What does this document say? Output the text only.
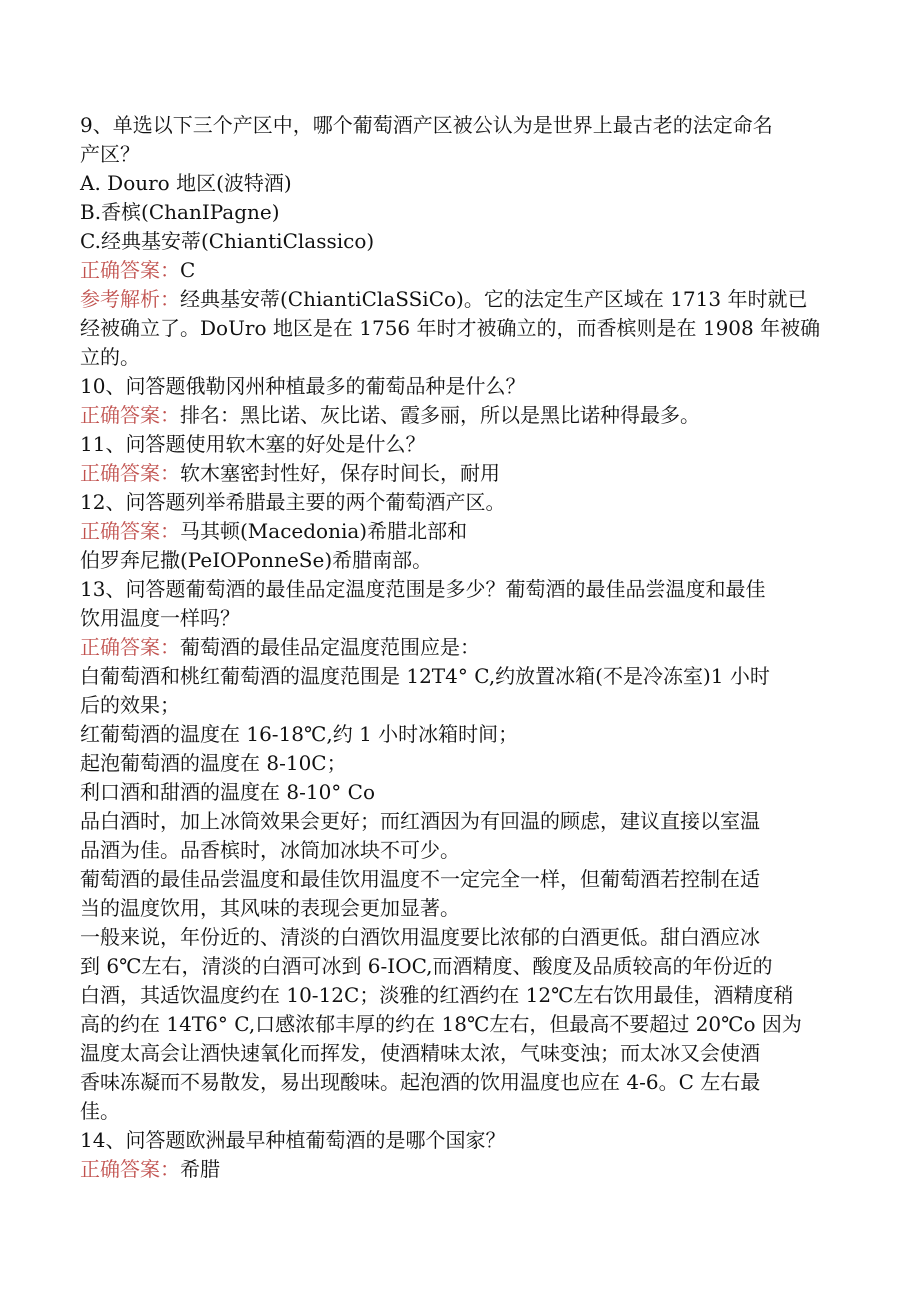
9、单选以下三个产区中，哪个葡萄酒产区被公认为是世界上最古老的法定命名
产区？
A. Douro 地区(波特酒)
B.香槟(ChanIPagne)
C.经典基安蒂(ChiantiClassico)
正确答案：C
参考解析：经典基安蒂(ChiantiClaSSiCo)。它的法定生产区域在 1713 年时就已
经被确立了。DoUro 地区是在 1756 年时才被确立的，而香槟则是在 1908 年被确
立的。
10、问答题俄勒冈州种植最多的葡萄品种是什么？
正确答案：排名：黑比诺、灰比诺、霞多丽，所以是黑比诺种得最多。
11、问答题使用软木塞的好处是什么？
正确答案：软木塞密封性好，保存时间长，耐用
12、问答题列举希腊最主要的两个葡萄酒产区。
正确答案：马其顿(Macedonia)希腊北部和
伯罗奔尼撒(PeIOPonneSe)希腊南部。
13、问答题葡萄酒的最佳品定温度范围是多少？葡萄酒的最佳品尝温度和最佳
饮用温度一样吗？
正确答案：葡萄酒的最佳品定温度范围应是：
白葡萄酒和桃红葡萄酒的温度范围是 12T4° C,约放置冰箱(不是冷冻室)1 小时
后的效果；
红葡萄酒的温度在 16-18℃,约 1 小时冰箱时间；
起泡葡萄酒的温度在 8-10C；
利口酒和甜酒的温度在 8-10° Co
品白酒时，加上冰筒效果会更好；而红酒因为有回温的顾虑，建议直接以室温
品酒为佳。品香槟时，冰筒加冰块不可少。
葡萄酒的最佳品尝温度和最佳饮用温度不一定完全一样，但葡萄酒若控制在适
当的温度饮用，其风味的表现会更加显著。
一般来说，年份近的、清淡的白酒饮用温度要比浓郁的白酒更低。甜白酒应冰
到 6℃左右，清淡的白酒可冰到 6-IOC,而酒精度、酸度及品质较高的年份近的
白酒，其适饮温度约在 10-12C；淡雅的红酒约在 12℃左右饮用最佳，酒精度稍
高的约在 14T6° C,口感浓郁丰厚的约在 18℃左右，但最高不要超过 20℃o 因为
温度太高会让酒快速氧化而挥发，使酒精味太浓，气味变浊；而太冰又会使酒
香味冻凝而不易散发，易出现酸味。起泡酒的饮用温度也应在 4-6。C 左右最
佳。
14、问答题欧洲最早种植葡萄酒的是哪个国家？
正确答案：希腊
